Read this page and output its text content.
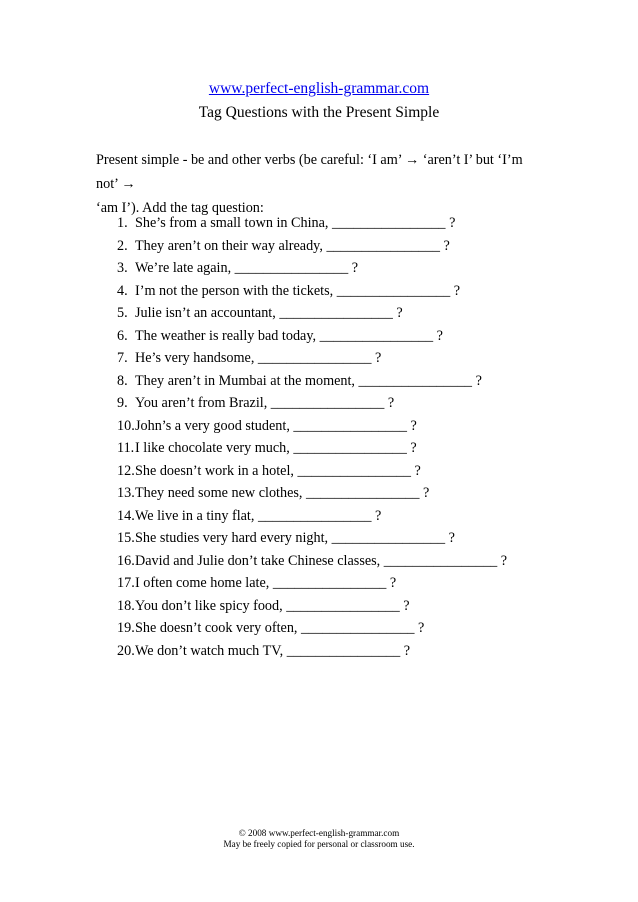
www.perfect-english-grammar.com
Tag Questions with the Present Simple
Present simple - be and other verbs (be careful: ‘I am’ → ‘aren’t I’ but ‘I’m not’ →
‘am I’). Add the tag question:
1. She’s from a small town in China, ________________ ?
2. They aren’t on their way already, ________________ ?
3. We’re late again, ________________ ?
4. I’m not the person with the tickets, ________________ ?
5. Julie isn’t an accountant, ________________ ?
6. The weather is really bad today, ________________ ?
7. He’s very handsome, ________________ ?
8. They aren’t in Mumbai at the moment, ________________ ?
9. You aren’t from Brazil, ________________ ?
10. John’s a very good student, ________________ ?
11. I like chocolate very much, ________________ ?
12. She doesn’t work in a hotel, ________________ ?
13. They need some new clothes, ________________ ?
14. We live in a tiny flat, ________________ ?
15. She studies very hard every night, ________________ ?
16. David and Julie don’t take Chinese classes, ________________ ?
17. I often come home late, ________________ ?
18. You don’t like spicy food, ________________ ?
19. She doesn’t cook very often, ________________ ?
20. We don’t watch much TV, ________________ ?
© 2008 www.perfect-english-grammar.com
May be freely copied for personal or classroom use.
